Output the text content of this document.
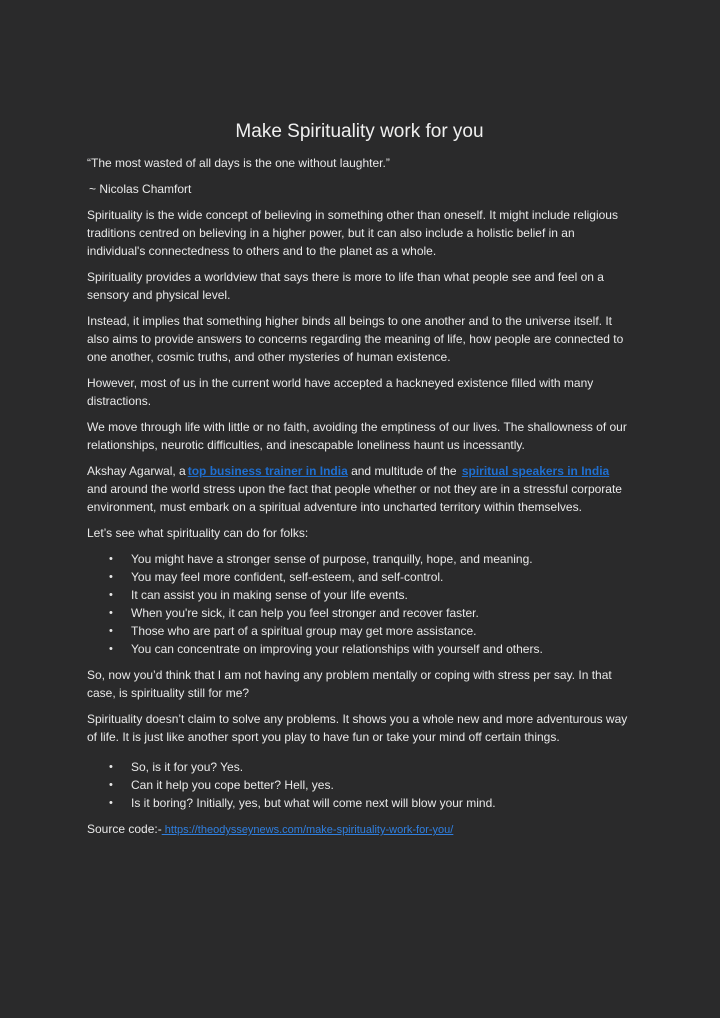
Make Spirituality work for you

“The most wasted of all days is the one without laughter.”

~ Nicolas Chamfort

Spirituality is the wide concept of believing in something other than oneself. It might include religious traditions centred on believing in a higher power, but it can also include a holistic belief in an individual's connectedness to others and to the planet as a whole.

Spirituality provides a worldview that says there is more to life than what people see and feel on a sensory and physical level.

Instead, it implies that something higher binds all beings to one another and to the universe itself. It also aims to provide answers to concerns regarding the meaning of life, how people are connected to one another, cosmic truths, and other mysteries of human existence.

However, most of us in the current world have accepted a hackneyed existence filled with many distractions.

We move through life with little or no faith, avoiding the emptiness of our lives. The shallowness of our relationships, neurotic difficulties, and inescapable loneliness haunt us incessantly.

Akshay Agarwal, a top business trainer in India and multitude of the spiritual speakers in India and around the world stress upon the fact that people whether or not they are in a stressful corporate environment, must embark on a spiritual adventure into uncharted territory within themselves.

Let’s see what spirituality can do for folks:

• You might have a stronger sense of purpose, tranquilly, hope, and meaning.
• You may feel more confident, self-esteem, and self-control.
• It can assist you in making sense of your life events.
• When you're sick, it can help you feel stronger and recover faster.
• Those who are part of a spiritual group may get more assistance.
• You can concentrate on improving your relationships with yourself and others.

So, now you’d think that I am not having any problem mentally or coping with stress per say. In that case, is spirituality still for me?

Spirituality doesn’t claim to solve any problems. It shows you a whole new and more adventurous way of life. It is just like another sport you play to have fun or take your mind off certain things.

• So, is it for you? Yes.
• Can it help you cope better? Hell, yes.
• Is it boring? Initially, yes, but what will come next will blow your mind.

Source code:- https://theodysseynews.com/make-spirituality-work-for-you/
